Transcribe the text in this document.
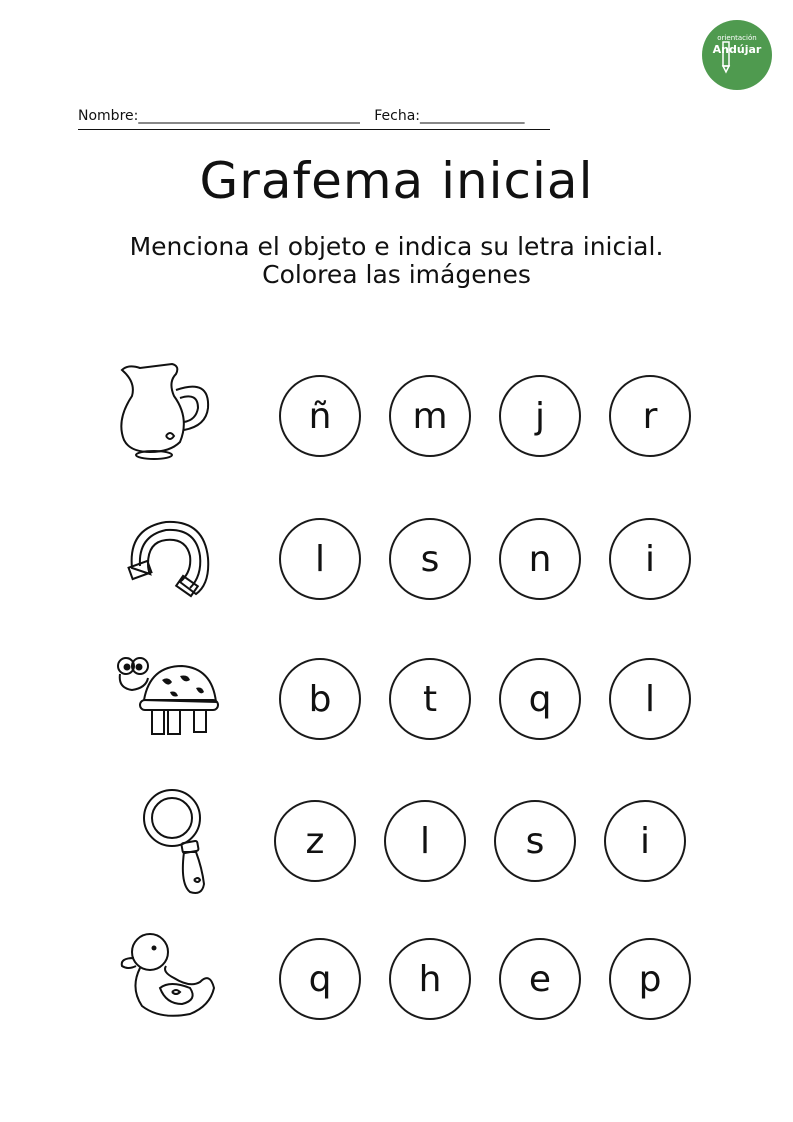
orientación
Andújar
Nombre:__________________________________ Fecha:________________
Grafema inicial
Menciona el objeto e indica su letra inicial.
Colorea las imágenes
ñ	m	j	r
l	s	n	i
b	t	q	l
z	l	s	i
q	h	e	p
